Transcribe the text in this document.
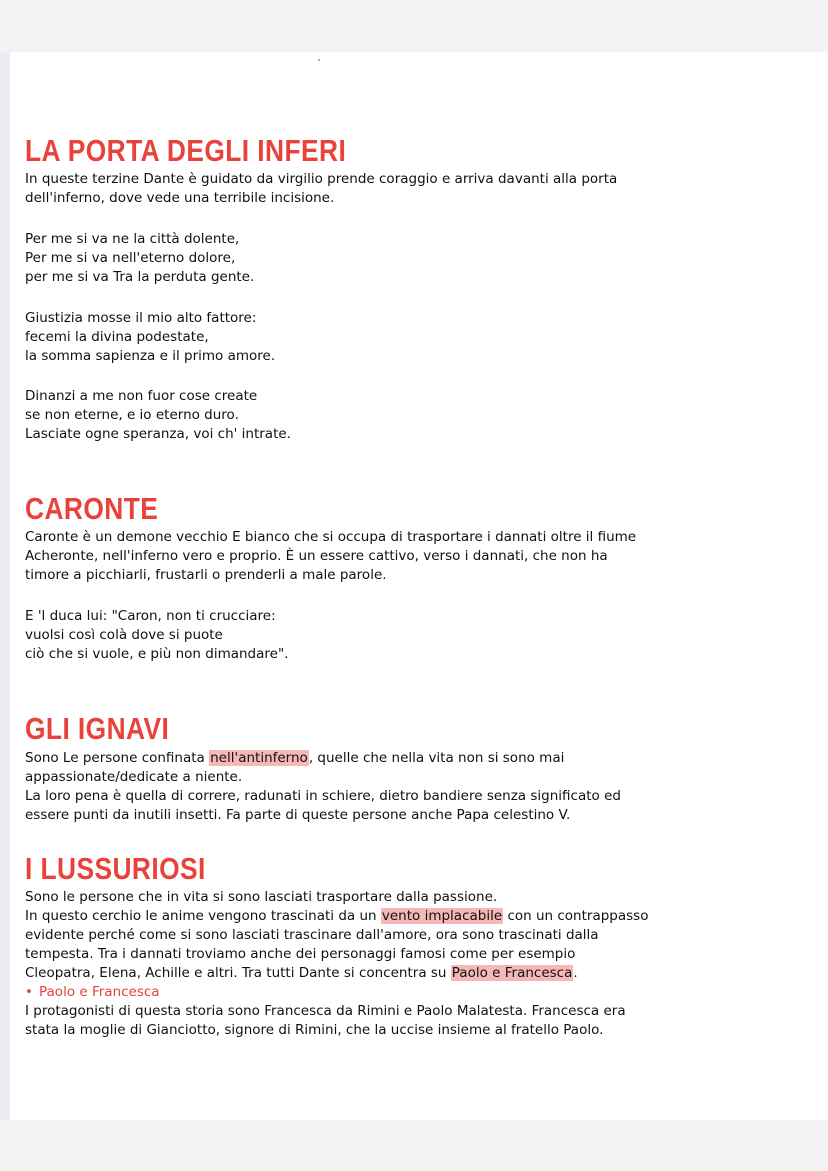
LA PORTA DEGLI INFERI

In queste terzine Dante è guidato da virgilio prende coraggio e arriva davanti alla porta

dell'inferno, dove vede una terribile incisione.

Per me si va ne la città dolente,

Per me si va nell'eterno dolore,

per me si va Tra la perduta gente.

Giustizia mosse il mio alto fattore:

fecemi la divina podestate,

la somma sapienza e il primo amore.

Dinanzi a me non fuor cose create

se non eterne, e io eterno duro.

Lasciate ogne speranza, voi ch' intrate.

CARONTE

Caronte è un demone vecchio E bianco che si occupa di trasportare i dannati oltre il fiume

Acheronte, nell'inferno vero e proprio. È un essere cattivo, verso i dannati, che non ha

timore a picchiarli, frustarli o prenderli a male parole.

E 'l duca lui: "Caron, non ti crucciare:

vuolsi così colà dove si puote

ciò che si vuole, e più non dimandare".

GLI IGNAVI

Sono Le persone confinata nell'antinferno, quelle che nella vita non si sono mai

appassionate/dedicate a niente.

La loro pena è quella di correre, radunati in schiere, dietro bandiere senza significato ed

essere punti da inutili insetti. Fa parte di queste persone anche Papa celestino V.

I LUSSURIOSI

Sono le persone che in vita si sono lasciati trasportare dalla passione.

In questo cerchio le anime vengono trascinati da un vento implacabile con un contrappasso

evidente perché come si sono lasciati trascinare dall'amore, ora sono trascinati dalla

tempesta. Tra i dannati troviamo anche dei personaggi famosi come per esempio

Cleopatra, Elena, Achille e altri. Tra tutti Dante si concentra su Paolo e Francesca.

• Paolo e Francesca

I protagonisti di questa storia sono Francesca da Rimini e Paolo Malatesta. Francesca era

stata la moglie di Gianciotto, signore di Rimini, che la uccise insieme al fratello Paolo.
